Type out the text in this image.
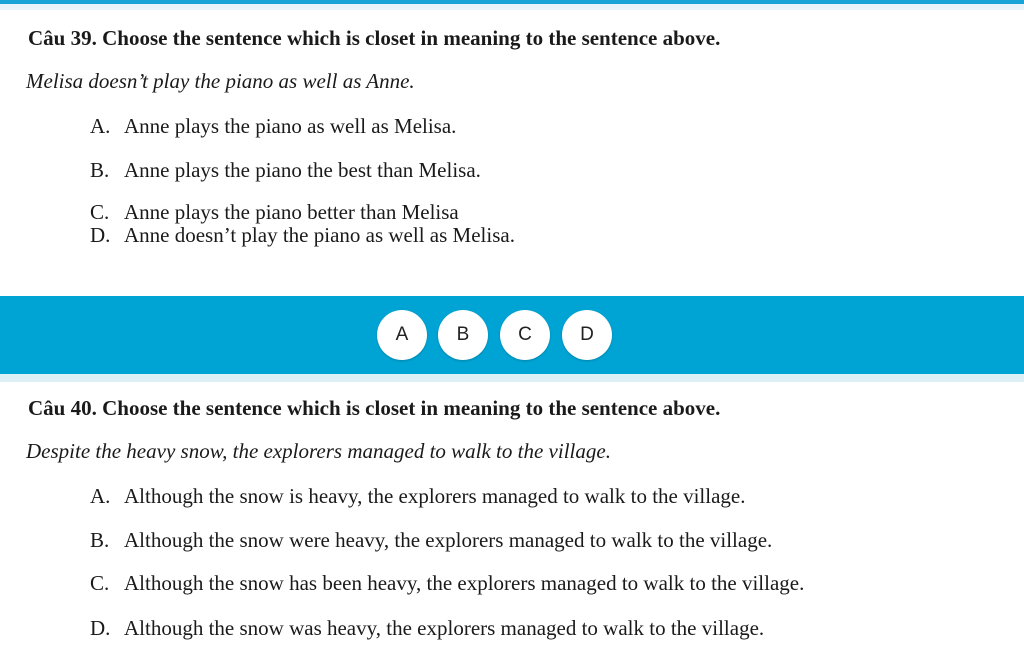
Câu 39. Choose the sentence which is closet in meaning to the sentence above.
Melisa doesn’t play the piano as well as Anne.
A. Anne plays the piano as well as Melisa.
B. Anne plays the piano the best than Melisa.
C. Anne plays the piano better than Melisa
D. Anne doesn’t play the piano as well as Melisa.
A	B	C	D
Câu 40. Choose the sentence which is closet in meaning to the sentence above.
Despite the heavy snow, the explorers managed to walk to the village.
A. Although the snow is heavy, the explorers managed to walk to the village.
B. Although the snow were heavy, the explorers managed to walk to the village.
C. Although the snow has been heavy, the explorers managed to walk to the village.
D. Although the snow was heavy, the explorers managed to walk to the village.
